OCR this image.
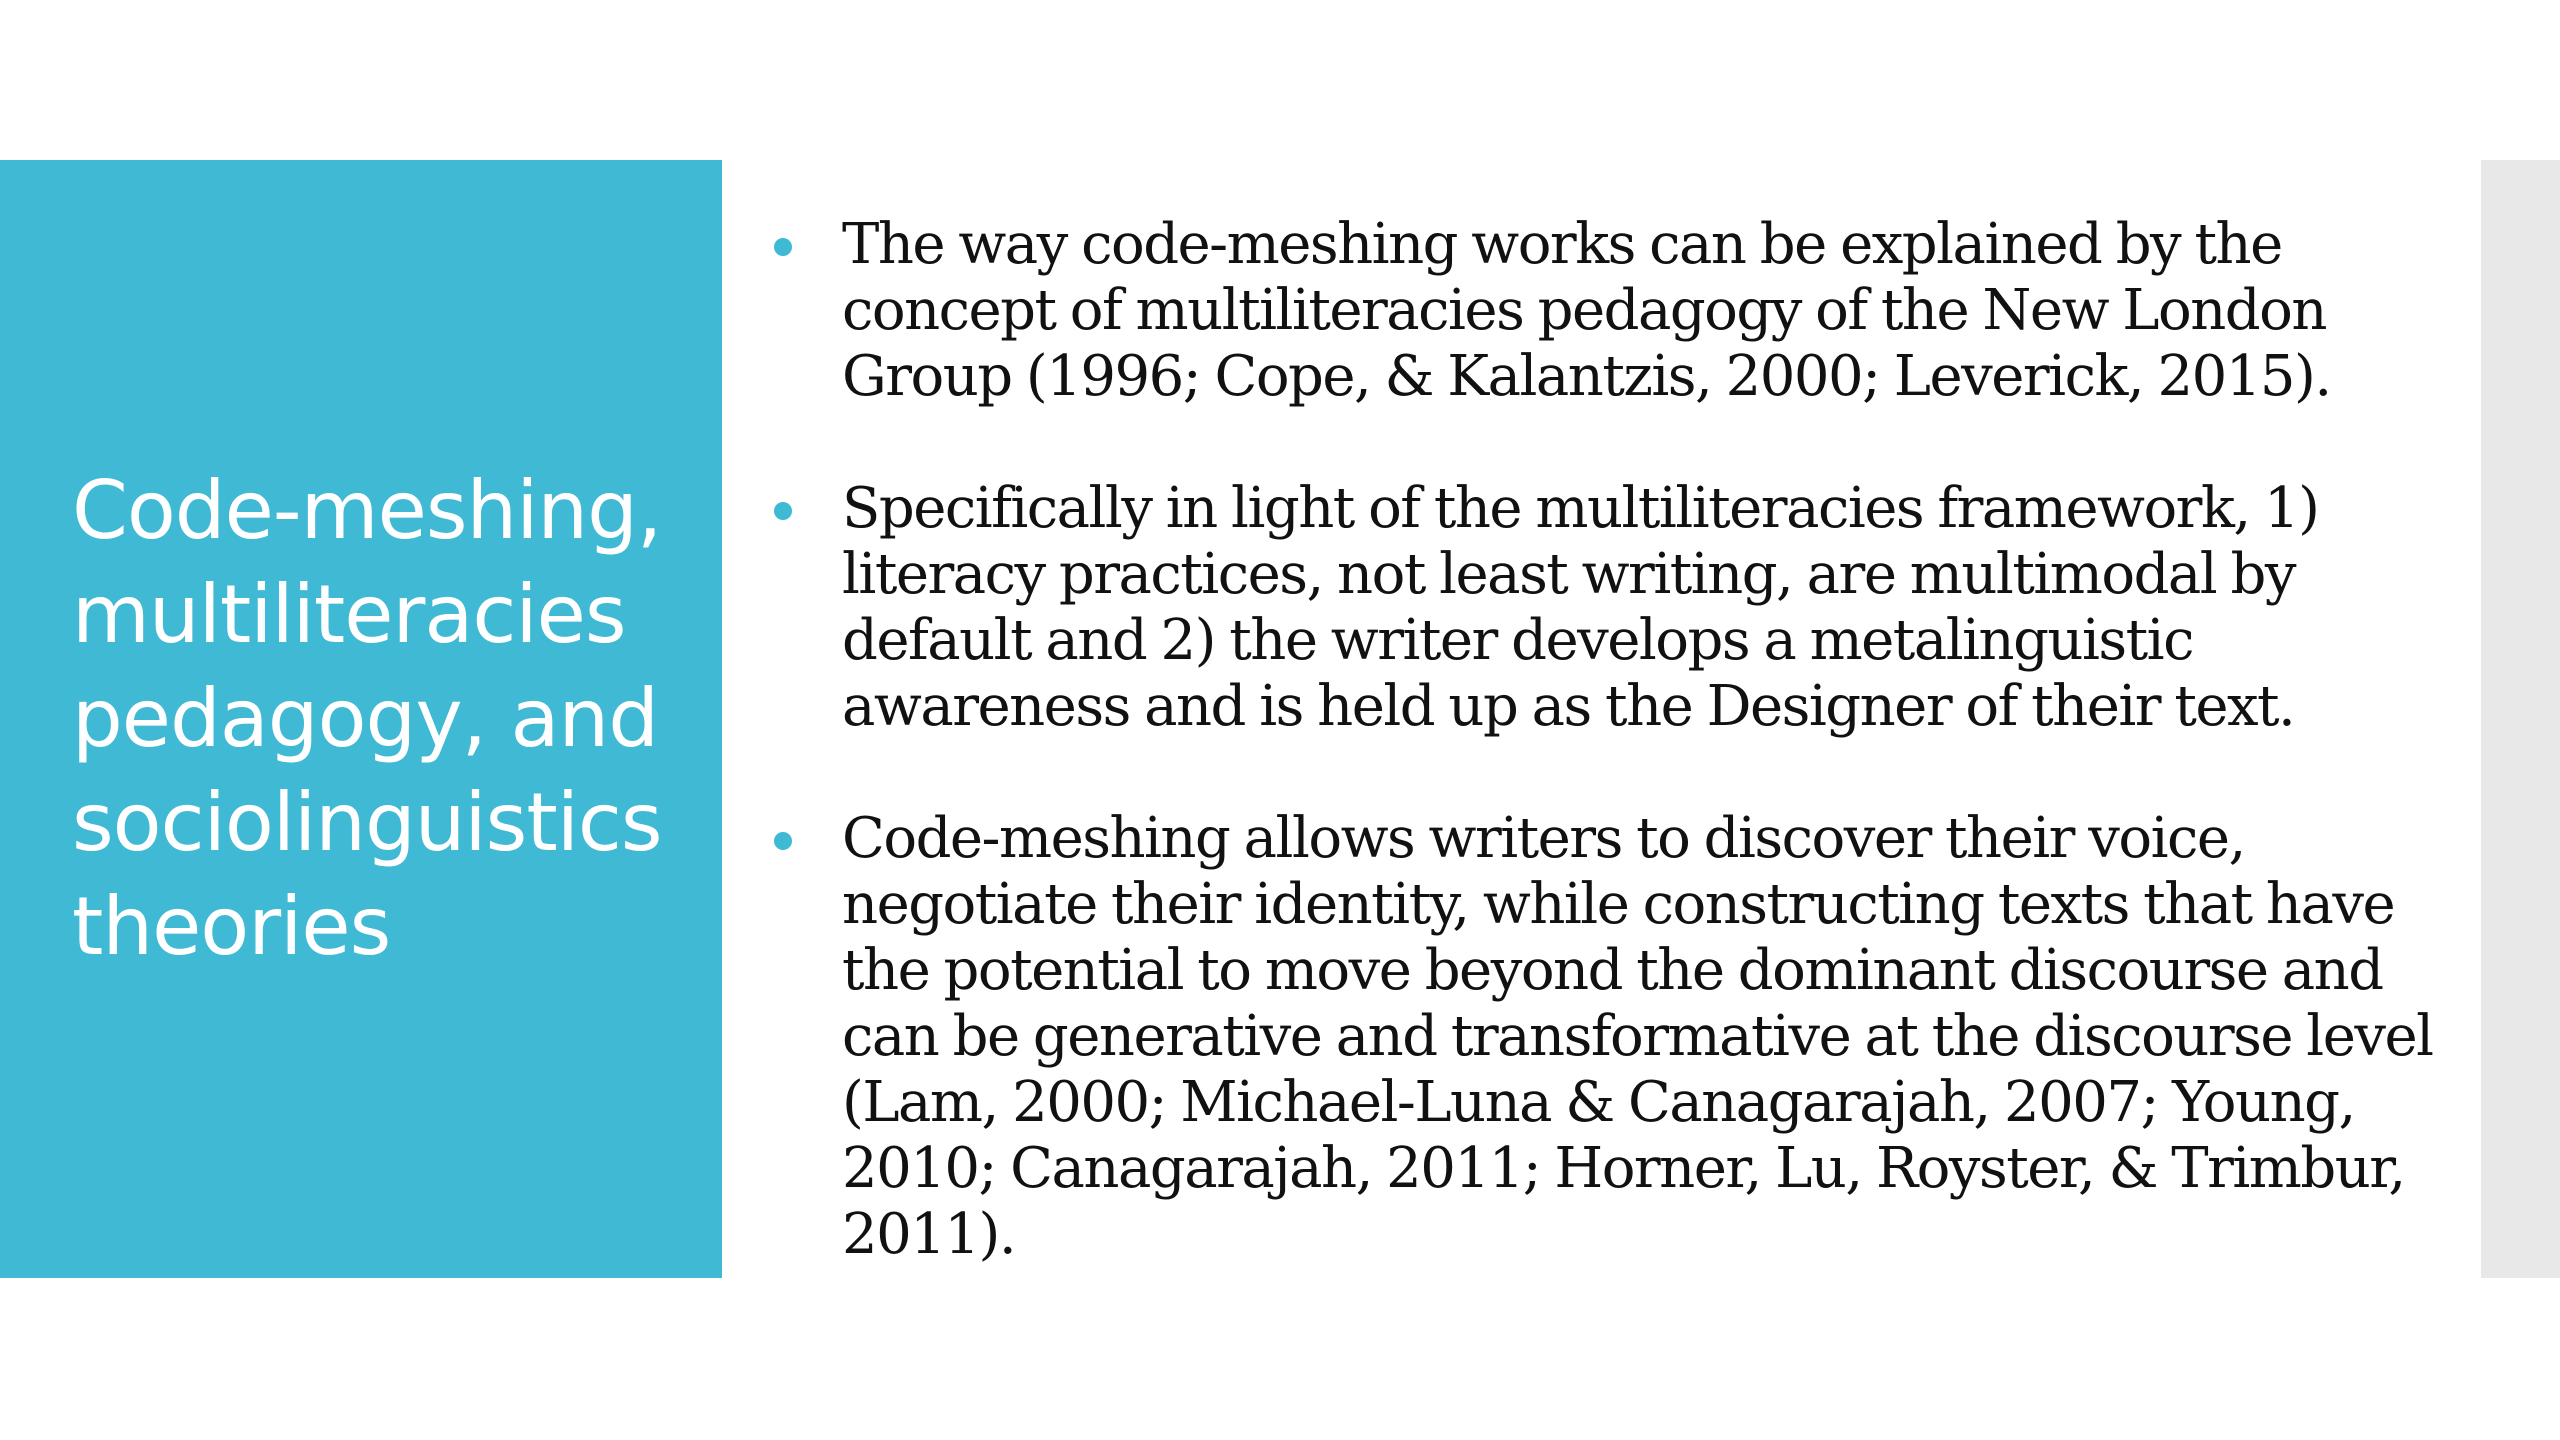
Code-meshing, multiliteracies pedagogy, and sociolinguistics theories
The way code-meshing works can be explained by the concept of multiliteracies pedagogy of the New London Group (1996; Cope, & Kalantzis, 2000; Leverick, 2015).
Specifically in light of the multiliteracies framework, 1) literacy practices, not least writing, are multimodal by default and 2) the writer develops a metalinguistic awareness and is held up as the Designer of their text.
Code-meshing allows writers to discover their voice, negotiate their identity, while constructing texts that have the potential to move beyond the dominant discourse and can be generative and transformative at the discourse level (Lam, 2000; Michael-Luna & Canagarajah, 2007; Young, 2010; Canagarajah, 2011; Horner, Lu, Royster, & Trimbur, 2011).
